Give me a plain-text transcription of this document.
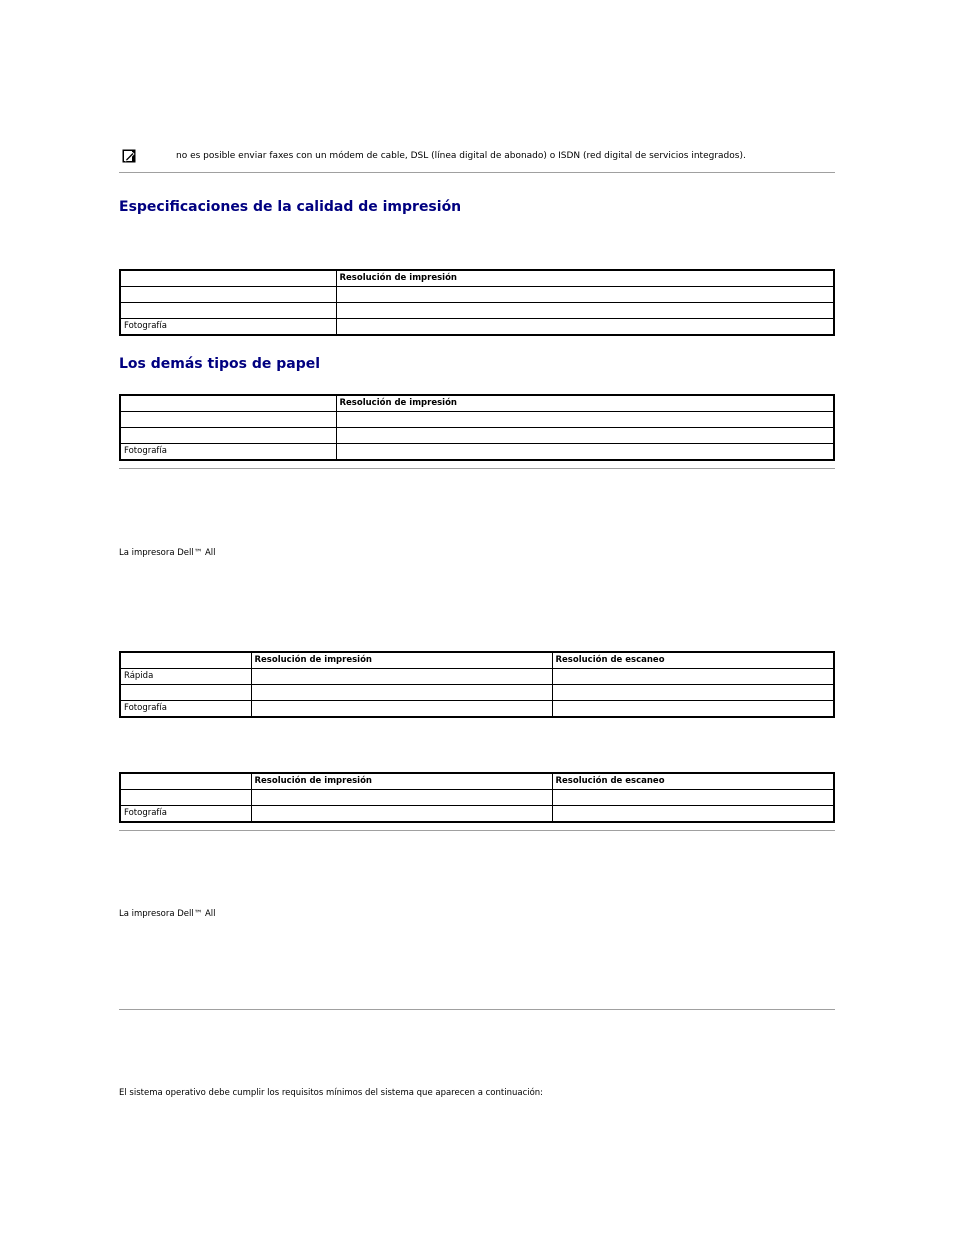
no es posible enviar faxes con un módem de cable, DSL (línea digital de abonado) o ISDN (red digital de servicios integrados).
Especificaciones de la calidad de impresión
	Resolución de impresión

Fotografía	
Los demás tipos de papel
	Resolución de impresión

Fotografía	
La impresora Dell™ All
	Resolución de impresión	Resolución de escaneo
Rápida		

Fotografía		
	Resolución de impresión	Resolución de escaneo

Fotografía		
La impresora Dell™ All
El sistema operativo debe cumplir los requisitos mínimos del sistema que aparecen a continuación:
